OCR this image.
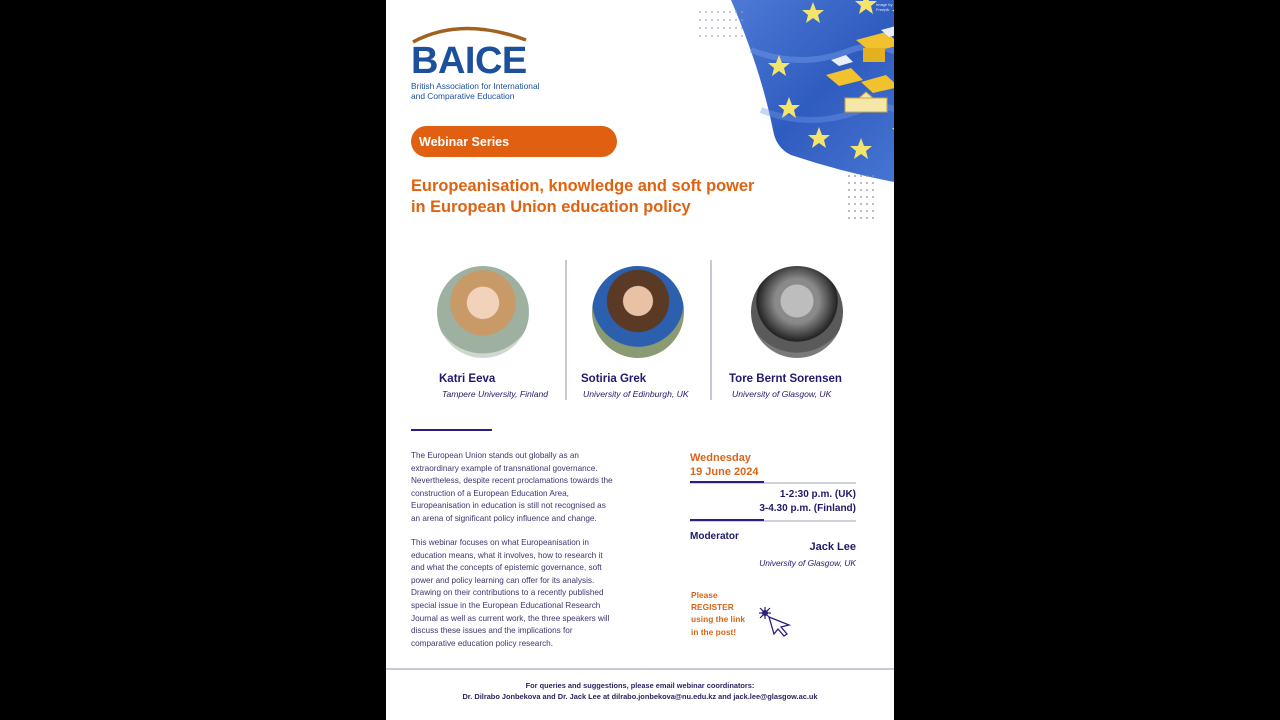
Image by Freepik
BAICE
British Association for International
and Comparative Education
Webinar Series
Europeanisation, knowledge and soft power
in European Union education policy
Katri Eeva
Tampere University, Finland
Sotiria Grek
University of Edinburgh, UK
Tore Bernt Sorensen
University of Glasgow, UK
The European Union stands out globally as an
extraordinary example of transnational governance.
Nevertheless, despite recent proclamations towards the
construction of a European Education Area,
Europeanisation in education is still not recognised as
an arena of significant policy influence and change.
This webinar focuses on what Europeanisation in
education means, what it involves, how to research it
and what the concepts of epistemic governance, soft
power and policy learning can offer for its analysis.
Drawing on their contributions to a recently published
special issue in the European Educational Research
Journal as well as current work, the three speakers will
discuss these issues and the implications for
comparative education policy research.
Wednesday
19 June 2024
1-2:30 p.m. (UK)
3-4.30 p.m. (Finland)
Moderator
Jack Lee
University of Glasgow, UK
Please
REGISTER
using the link
in the post!
For queries and suggestions, please email webinar coordinators:
Dr. Dilrabo Jonbekova and Dr. Jack Lee at dilrabo.jonbekova@nu.edu.kz and jack.lee@glasgow.ac.uk
